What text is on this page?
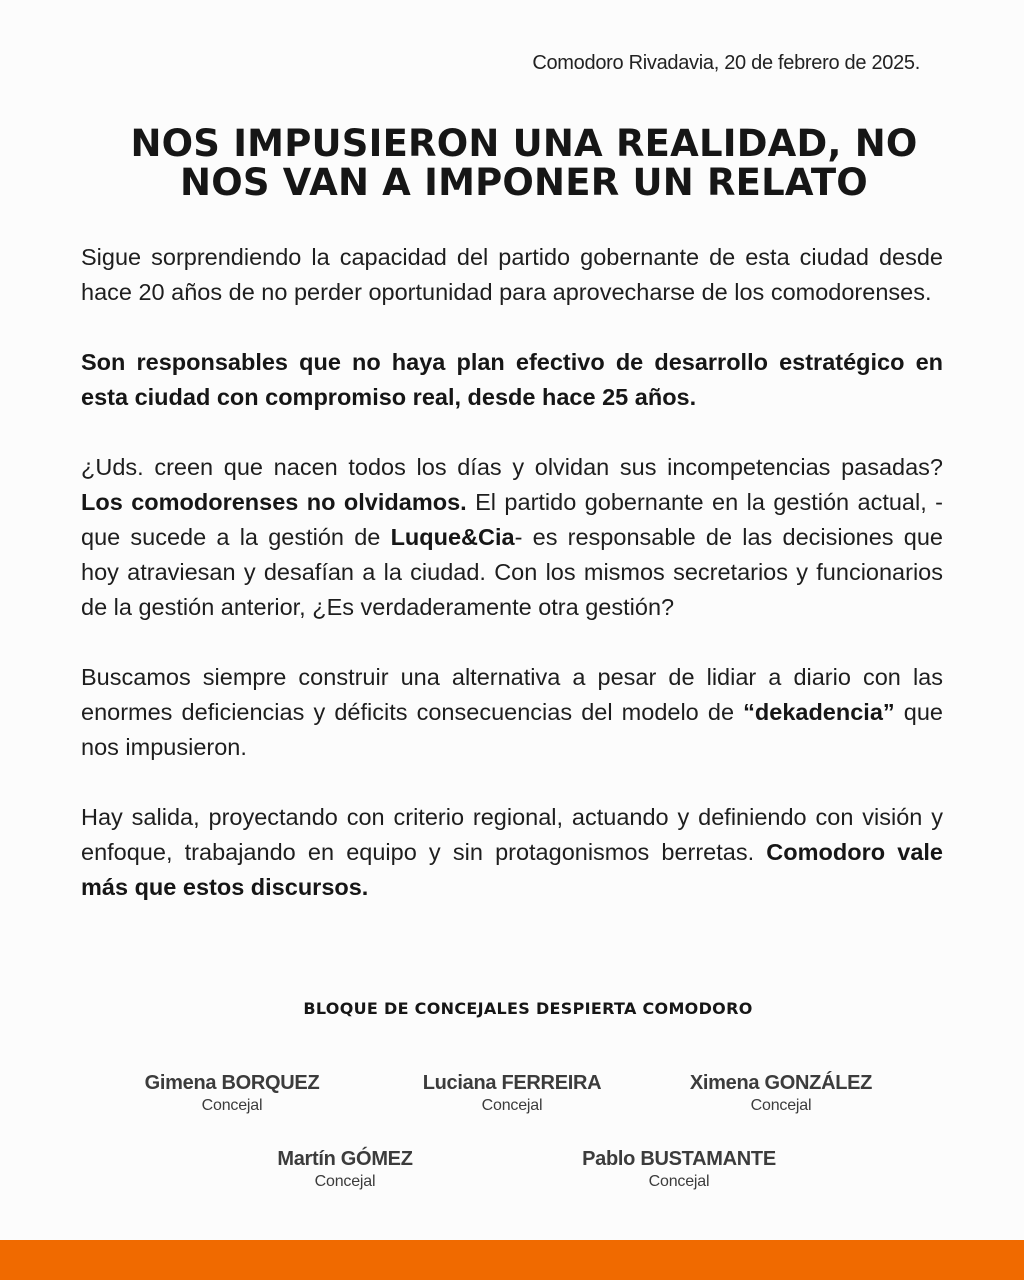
Comodoro Rivadavia, 20 de febrero de 2025.
NOS IMPUSIERON UNA REALIDAD, NO
NOS VAN A IMPONER UN RELATO

Sigue sorprendiendo la capacidad del partido gobernante de esta ciudad desde hace 20 años de no perder oportunidad para aprovecharse de los comodorenses.

Son responsables que no haya plan efectivo de desarrollo estratégico en esta ciudad con compromiso real, desde hace 25 años.

¿Uds. creen que nacen todos los días y olvidan sus incompetencias pasadas? Los comodorenses no olvidamos. El partido gobernante en la gestión actual, - que sucede a la gestión de Luque&Cia- es responsable de las decisiones que hoy atraviesan y desafían a la ciudad. Con los mismos secretarios y funcionarios de la gestión anterior, ¿Es verdaderamente otra gestión?

Buscamos siempre construir una alternativa a pesar de lidiar a diario con las enormes deficiencias y déficits consecuencias del modelo de “dekadencia” que nos impusieron.

Hay salida, proyectando con criterio regional, actuando y definiendo con visión y enfoque, trabajando en equipo y sin protagonismos berretas. Comodoro vale más que estos discursos.

BLOQUE DE CONCEJALES DESPIERTA COMODORO
Gimena BORQUEZ
Concejal
Luciana FERREIRA
Concejal
Ximena GONZÁLEZ
Concejal
Martín GÓMEZ
Concejal
Pablo BUSTAMANTE
Concejal
